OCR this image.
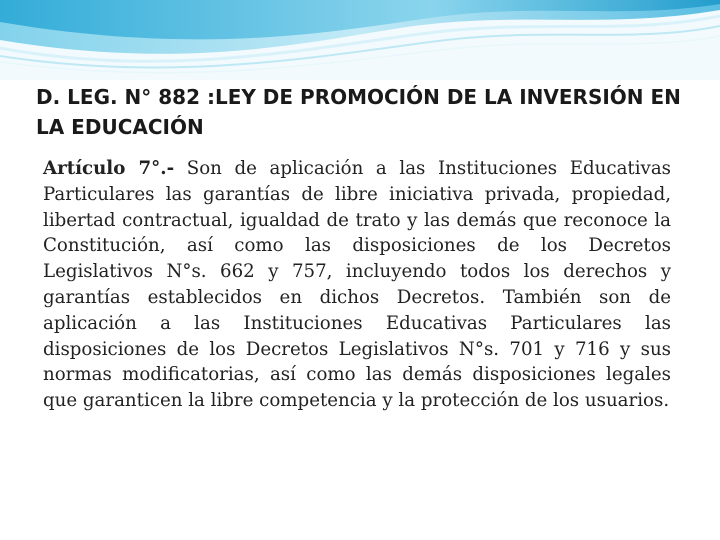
D. LEG. N° 882 :LEY DE PROMOCIÓN DE LA INVERSIÓN EN LA EDUCACIÓN

Artículo 7°.- Son de aplicación a las Instituciones Educativas Particulares las garantías de libre iniciativa privada, propiedad, libertad contractual, igualdad de trato y las demás que reconoce la Constitución, así como las disposiciones de los Decretos Legislativos N°s. 662 y 757, incluyendo todos los derechos y garantías establecidos en dichos Decretos. También son de aplicación a las Instituciones Educativas Particulares las disposiciones de los Decretos Legislativos N°s. 701 y 716 y sus normas modificatorias, así como las demás disposiciones legales que garanticen la libre competencia y la protección de los usuarios.
